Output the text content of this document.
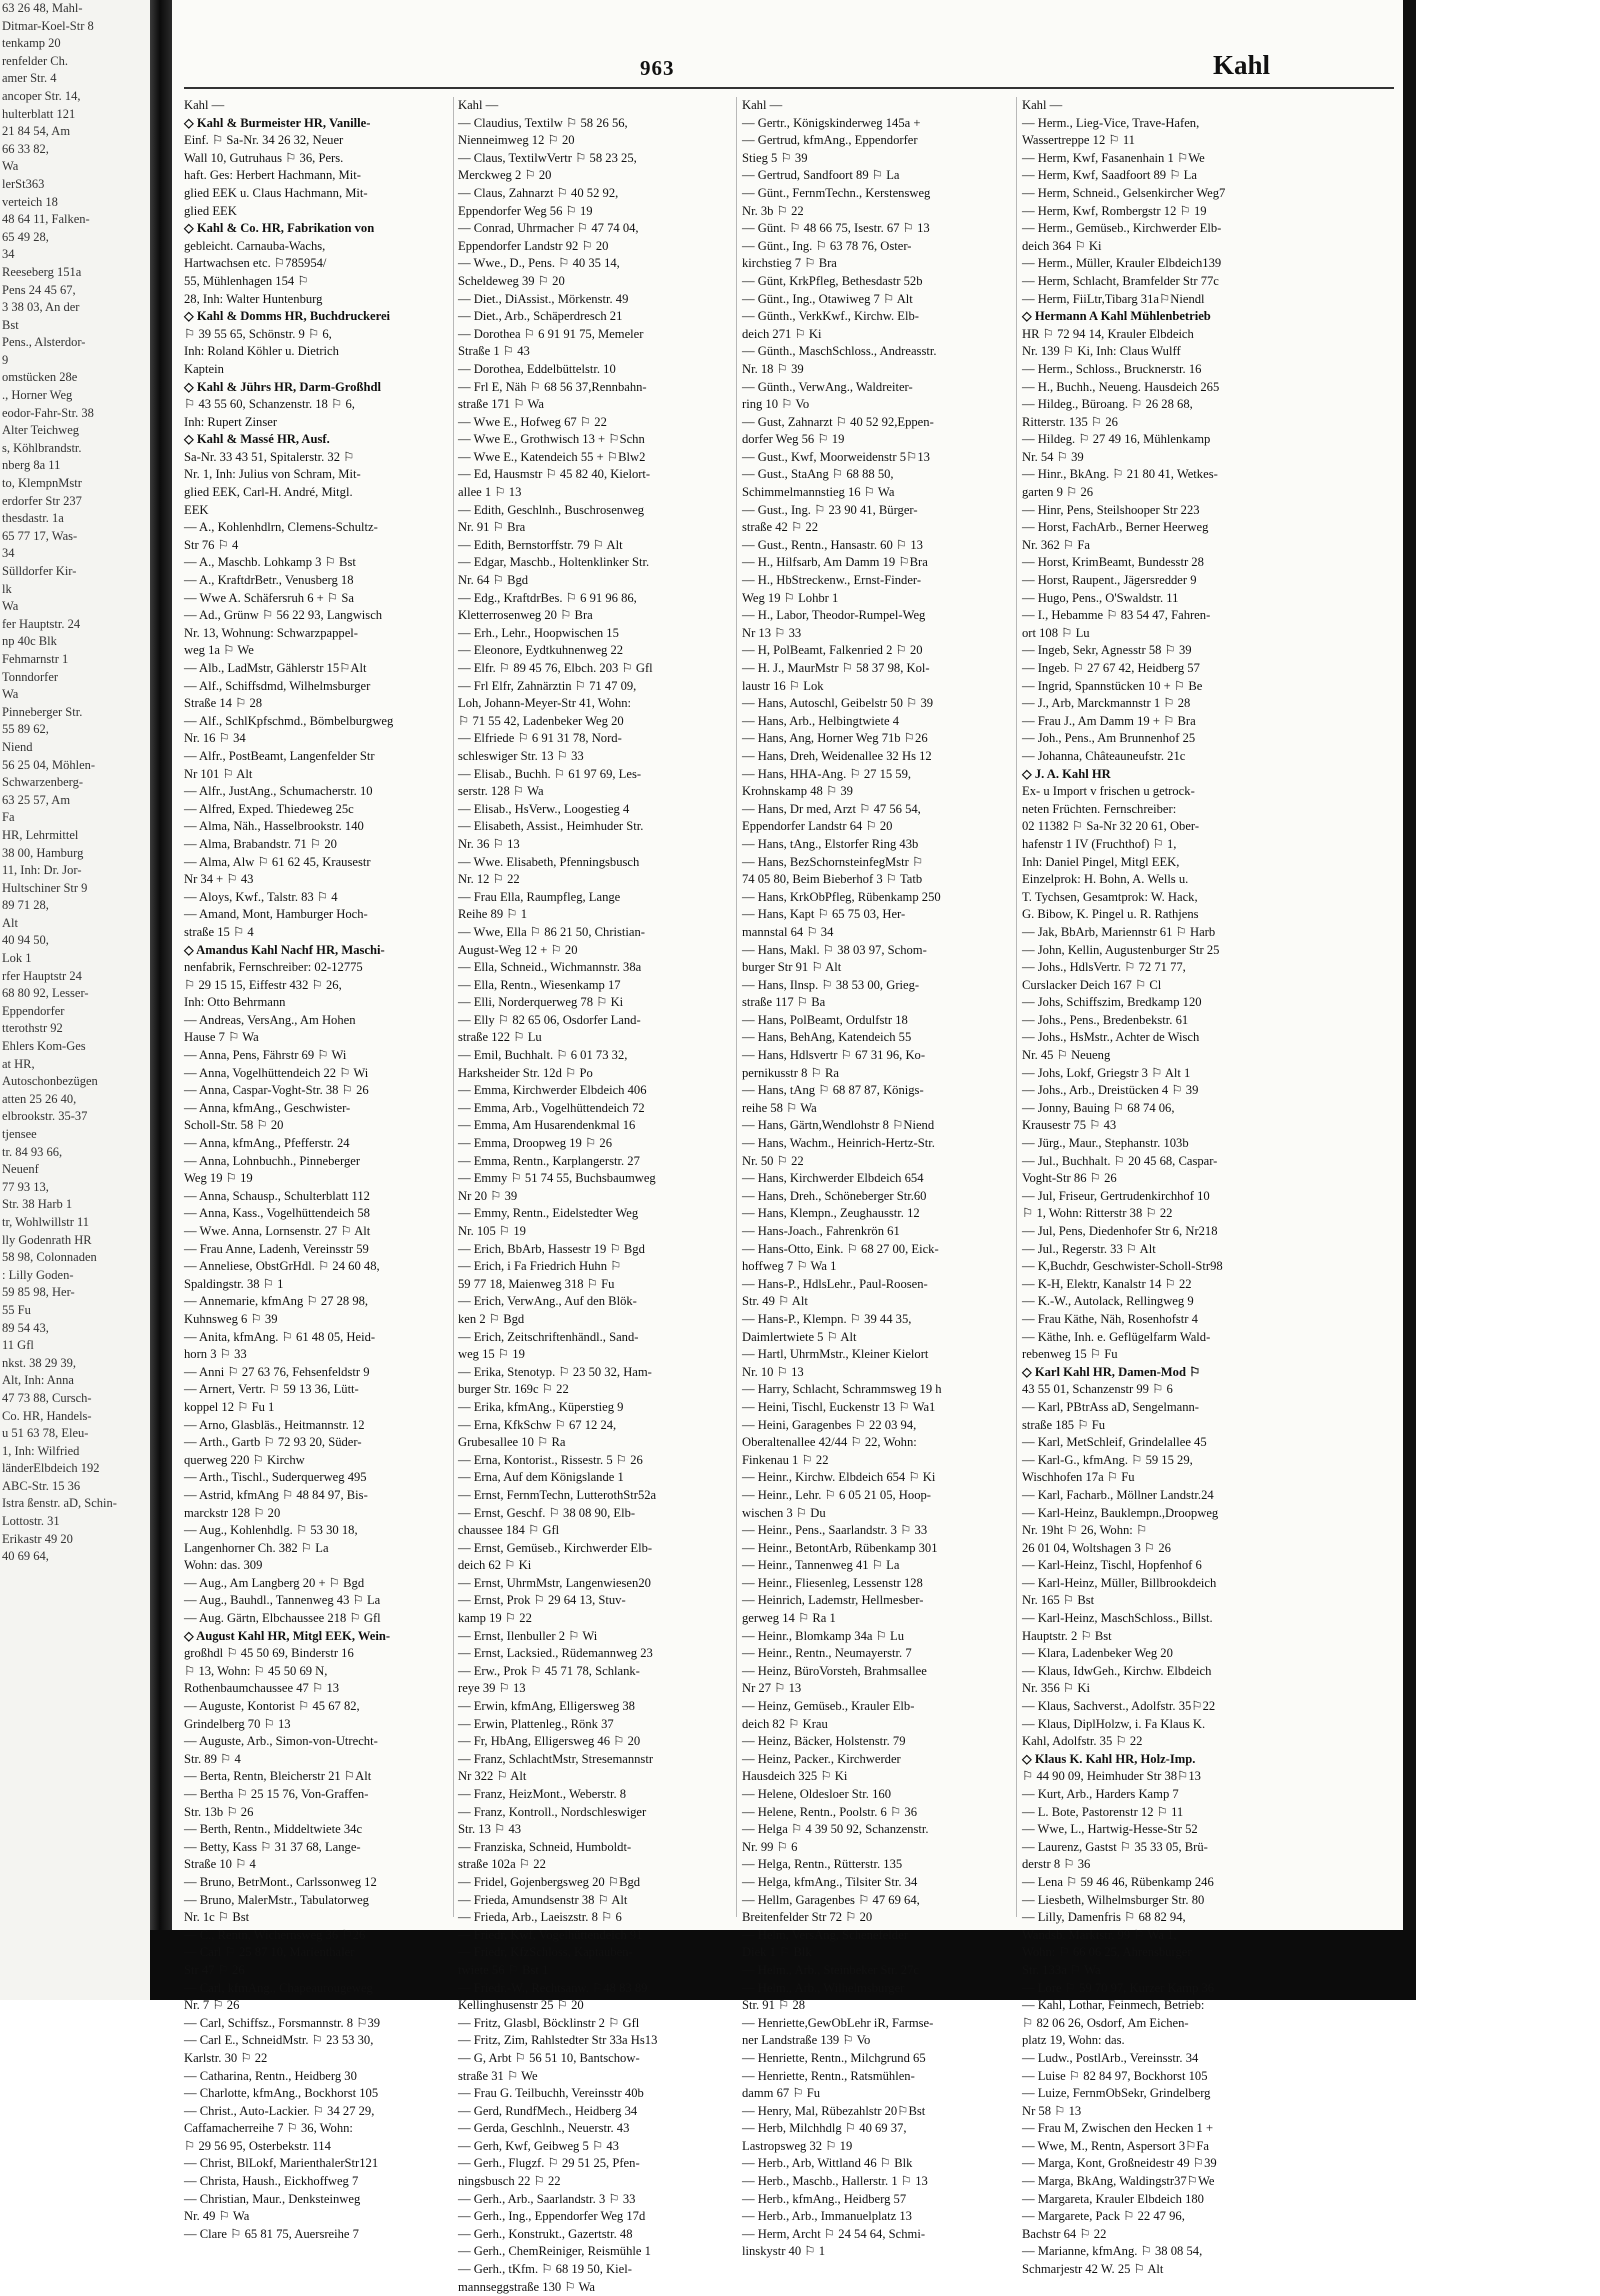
63 26 48, Mahl-
Ditmar-Koel-Str 8
tenkamp 20
renfelder Ch.
amer Str. 4
ancoper Str. 14,
hulterblatt 121
21 84 54, Am
66 33 82,
Wa
lerSt363
verteich 18
48 64 11, Falken-
65 49 28,
34
Reeseberg 151a
Pens 24 45 67,
3 38 03, An der
Bst
Pens., Alsterdor-
9
omstücken 28e
., Horner Weg
eodor-Fahr-Str. 38
Alter Teichweg
s, Köhlbrandstr.
nberg 8a 11
to, KlempnMstr
erdorfer Str 237
thesdastr. 1a
65 77 17, Was-
34
Sülldorfer Kir-
lk
Wa
fer Hauptstr. 24
np 40c Blk
Fehmarnstr 1
Tonndorfer
Wa
Pinneberger Str.
55 89 62,
Niend
56 25 04, Möhlen-
Schwarzenberg-
63 25 57, Am
Fa
HR, Lehrmittel
38 00, Hamburg
11, Inh: Dr. Jor-
Hultschiner Str 9
89 71 28,
Alt
40 94 50,
Lok 1
rfer Hauptstr 24
68 80 92, Lesser-
Eppendorfer
tterothstr 92
Ehlers Kom-Ges
at HR,
Autoschonbezügen
atten 25 26 40,
elbrookstr. 35-37
tjensee
tr. 84 93 66,
Neuenf
77 93 13,
Str. 38 Harb 1
tr, Wohlwillstr 11
lly Godenrath HR
58 98, Colonnaden
: Lilly Goden-
59 85 98, Her-
55 Fu
89 54 43,
11 Gfl
nkst. 38 29 39,
Alt, Inh: Anna
47 73 88, Cursch-
Co. HR, Handels-
u 51 63 78, Eleu-
1, Inh: Wilfried
länderElbdeich 192
ABC-Str. 15 36
Istra ßenstr. aD, Schin-
Lottostr. 31
Erikastr 49 20
40 69 64,
963	Kahl
Kahl —
◇ Kahl & Burmeister HR, Vanille-
Einf. ⚐ Sa-Nr. 34 26 32, Neuer
Wall 10, Gutruhaus ⚐ 36, Pers.
haft. Ges: Herbert Hachmann, Mit-
glied EEK u. Claus Hachmann, Mit-
glied EEK
◇ Kahl & Co. HR, Fabrikation von
gebleicht. Carnauba-Wachs,
Hartwachsen etc. ⚐785954/
55, Mühlenhagen 154 ⚐
28, Inh: Walter Huntenburg
◇ Kahl & Domms HR, Buchdruckerei
⚐ 39 55 65, Schönstr. 9 ⚐ 6,
Inh: Roland Köhler u. Dietrich
Kaptein
◇ Kahl & Jührs HR, Darm-Großhdl
⚐ 43 55 60, Schanzenstr. 18 ⚐ 6,
Inh: Rupert Zinser
◇ Kahl & Massé HR, Ausf.
Sa-Nr. 33 43 51, Spitalerstr. 32 ⚐
Nr. 1, Inh: Julius von Schram, Mit-
glied EEK, Carl-H. André, Mitgl.
EEK
— A., Kohlenhdlrn, Clemens-Schultz-
Str 76 ⚐ 4
— A., Maschb. Lohkamp 3 ⚐ Bst
— A., KraftdrBetr., Venusberg 18
— Wwe A. Schäfersruh 6 + ⚐ Sa
— Ad., Grünw ⚐ 56 22 93, Langwisch
Nr. 13, Wohnung: Schwarzpappel-
weg 1a ⚐ We
— Alb., LadMstr, Gählerstr 15⚐Alt
— Alf., Schiffsdmd, Wilhelmsburger
Straße 14 ⚐ 28
— Alf., SchlKpfschmd., Bömbelburgweg
Nr. 16 ⚐ 34
— Alfr., PostBeamt, Langenfelder Str
Nr 101 ⚐ Alt
— Alfr., JustAng., Schumacherstr. 10
— Alfred, Exped. Thiedeweg 25c
— Alma, Näh., Hasselbrookstr. 140
— Alma, Brabandstr. 71 ⚐ 20
— Alma, Alw ⚐ 61 62 45, Krausestr
Nr 34 + ⚐ 43
— Aloys, Kwf., Talstr. 83 ⚐ 4
— Amand, Mont, Hamburger Hoch-
straße 15 ⚐ 4
◇ Amandus Kahl Nachf HR, Maschi-
nenfabrik, Fernschreiber: 02-12775
⚐ 29 15 15, Eiffestr 432 ⚐ 26,
Inh: Otto Behrmann
— Andreas, VersAng., Am Hohen
Hause 7 ⚐ Wa
— Anna, Pens, Fährstr 69 ⚐ Wi
— Anna, Vogelhüttendeich 22 ⚐ Wi
— Anna, Caspar-Voght-Str. 38 ⚐ 26
— Anna, kfmAng., Geschwister-
Scholl-Str. 58 ⚐ 20
— Anna, kfmAng., Pfefferstr. 24
— Anna, Lohnbuchh., Pinneberger
Weg 19 ⚐ 19
— Anna, Schausp., Schulterblatt 112
— Anna, Kass., Vogelhüttendeich 58
— Wwe. Anna, Lornsenstr. 27 ⚐ Alt
— Frau Anne, Ladenh, Vereinsstr 59
— Anneliese, ObstGrHdl. ⚐ 24 60 48,
Spaldingstr. 38 ⚐ 1
— Annemarie, kfmAng ⚐ 27 28 98,
Kuhnsweg 6 ⚐ 39
— Anita, kfmAng. ⚐ 61 48 05, Heid-
horn 3 ⚐ 33
— Anni ⚐ 27 63 76, Fehsenfeldstr 9
— Arnert, Vertr. ⚐ 59 13 36, Lütt-
koppel 12 ⚐ Fu 1
— Arno, Glasbläs., Heitmannstr. 12
— Arth., Gartb ⚐ 72 93 20, Süder-
querweg 220 ⚐ Kirchw
— Arth., Tischl., Suderquerweg 495
— Astrid, kfmAng ⚐ 48 84 97, Bis-
marckstr 128 ⚐ 20
— Aug., Kohlenhdlg. ⚐ 53 30 18,
Langenhorner Ch. 382 ⚐ La
Wohn: das. 309
— Aug., Am Langberg 20 + ⚐ Bgd
— Aug., Bauhdl., Tannenweg 43 ⚐ La
— Aug. Gärtn, Elbchaussee 218 ⚐ Gfl
◇ August Kahl HR, Mitgl EEK, Wein-
großhdl ⚐ 45 50 69, Binderstr 16
⚐ 13, Wohn: ⚐ 45 50 69 N,
Rothenbaumchaussee 47 ⚐ 13
— Auguste, Kontorist ⚐ 45 67 82,
Grindelberg 70 ⚐ 13
— Auguste, Arb., Simon-von-Utrecht-
Str. 89 ⚐ 4
— Berta, Rentn, Bleicherstr 21 ⚐Alt
— Bertha ⚐ 25 15 76, Von-Graffen-
Str. 13b ⚐ 26
— Berth, Rentn., Middeltwiete 34c
— Betty, Kass ⚐ 31 37 68, Lange-
Straße 10 ⚐ 4
— Bruno, BetrMont., Carlssonweg 12
— Bruno, MalerMstr., Tabulatorweg
Nr. 1c ⚐ Bst
— C., Rentn, Wichernsweg 36 ⚐26
— Carl ⚐ 25 87 10, Marienthaler
Str 47 ⚐ 26
— Carl, kfmAng., Chapeaurougeweg
Nr. 7 ⚐ 26
— Carl, Schiffsz., Forsmannstr. 8 ⚐39
— Carl E., SchneidMstr. ⚐ 23 53 30,
Karlstr. 30 ⚐ 22
— Catharina, Rentn., Heidberg 30
— Charlotte, kfmAng., Bockhorst 105
— Christ., Auto-Lackier. ⚐ 34 27 29,
Caffamacherreihe 7 ⚐ 36, Wohn:
⚐ 29 56 95, Osterbekstr. 114
— Christ, BlLokf, MarienthalerStr121
— Christa, Haush., Eickhoffweg 7
— Christian, Maur., Denksteinweg
Nr. 49 ⚐ Wa
— Clare ⚐ 65 81 75, Auersreihe 7
Kahl —
— Claudius, Textilw ⚐ 58 26 56,
Nienneimweg 12 ⚐ 20
— Claus, TextilwVertr ⚐ 58 23 25,
Merckweg 2 ⚐ 20
— Claus, Zahnarzt ⚐ 40 52 92,
Eppendorfer Weg 56 ⚐ 19
— Conrad, Uhrmacher ⚐ 47 74 04,
Eppendorfer Landstr 92 ⚐ 20
— Wwe., D., Pens. ⚐ 40 35 14,
Scheldeweg 39 ⚐ 20
— Diet., DiAssist., Mörkenstr. 49
— Diet., Arb., Schäperdresch 21
— Dorothea ⚐ 6 91 91 75, Memeler
Straße 1 ⚐ 43
— Dorothea, Eddelbüttelstr. 10
— Frl E, Näh ⚐ 68 56 37,Rennbahn-
straße 171 ⚐ Wa
— Wwe E., Hofweg 67 ⚐ 22
— Wwe E., Grothwisch 13 + ⚐Schn
— Wwe E., Katendeich 55 + ⚐Blw2
— Ed, Hausmstr ⚐ 45 82 40, Kielort-
allee 1 ⚐ 13
— Edith, Geschlnh., Buschrosenweg
Nr. 91 ⚐ Bra
— Edith, Bernstorffstr. 79 ⚐ Alt
— Edgar, Maschb., Holtenklinker Str.
Nr. 64 ⚐ Bgd
— Edg., KraftdrBes. ⚐ 6 91 96 86,
Kletterrosenweg 20 ⚐ Bra
— Erh., Lehr., Hoopwischen 15
— Eleonore, Eydtkuhnenweg 22
— Elfr. ⚐ 89 45 76, Elbch. 203 ⚐ Gfl
— Frl Elfr, Zahnärztin ⚐ 71 47 09,
Loh, Johann-Meyer-Str 41, Wohn:
⚐ 71 55 42, Ladenbeker Weg 20
— Elfriede ⚐ 6 91 31 78, Nord-
schleswiger Str. 13 ⚐ 33
— Elisab., Buchh. ⚐ 61 97 69, Les-
serstr. 128 ⚐ Wa
— Elisab., HsVerw., Loogestieg 4
— Elisabeth, Assist., Heimhuder Str.
Nr. 36 ⚐ 13
— Wwe. Elisabeth, Pfenningsbusch
Nr. 12 ⚐ 22
— Frau Ella, Raumpfleg, Lange
Reihe 89 ⚐ 1
— Wwe, Ella ⚐ 86 21 50, Christian-
August-Weg 12 + ⚐ 20
— Ella, Schneid., Wichmannstr. 38a
— Ella, Rentn., Wiesenkamp 17
— Elli, Norderquerweg 78 ⚐ Ki
— Elly ⚐ 82 65 06, Osdorfer Land-
straße 122 ⚐ Lu
— Emil, Buchhalt. ⚐ 6 01 73 32,
Harksheider Str. 12d ⚐ Po
— Emma, Kirchwerder Elbdeich 406
— Emma, Arb., Vogelhüttendeich 72
— Emma, Am Husarendenkmal 16
— Emma, Droopweg 19 ⚐ 26
— Emma, Rentn., Karplangerstr. 27
— Emmy ⚐ 51 74 55, Buchsbaumweg
Nr 20 ⚐ 39
— Emmy, Rentn., Eidelstedter Weg
Nr. 105 ⚐ 19
— Erich, BbArb, Hassestr 19 ⚐ Bgd
— Erich, i Fa Friedrich Huhn ⚐
59 77 18, Maienweg 318 ⚐ Fu
— Erich, VerwAng., Auf den Blök-
ken 2 ⚐ Bgd
— Erich, Zeitschriftenhändl., Sand-
weg 15 ⚐ 19
— Erika, Stenotyp. ⚐ 23 50 32, Ham-
burger Str. 169c ⚐ 22
— Erika, kfmAng., Küperstieg 9
— Erna, KfkSchw ⚐ 67 12 24,
Grubesallee 10 ⚐ Ra
— Erna, Kontorist., Rissestr. 5 ⚐ 26
— Erna, Auf dem Königslande 1
— Ernst, FernmTechn, LutterothStr52a
— Ernst, Geschf. ⚐ 38 08 90, Elb-
chaussee 184 ⚐ Gfl
— Ernst, Gemüseb., Kirchwerder Elb-
deich 62 ⚐ Ki
— Ernst, UhrmMstr, Langenwiesen20
— Ernst, Prok ⚐ 29 64 13, Stuv-
kamp 19 ⚐ 22
— Ernst, Ilenbuller 2 ⚐ Wi
— Ernst, Lacksied., Rüdemannweg 23
— Erw., Prok ⚐ 45 71 78, Schlank-
reye 39 ⚐ 13
— Erwin, kfmAng, Elligersweg 38
— Erwin, Plattenleg., Rönk 37
— Fr, HbAng, Elligersweg 46 ⚐ 20
— Franz, SchlachtMstr, Stresemannstr
Nr 322 ⚐ Alt
— Franz, HeizMont., Weberstr. 8
— Franz, Kontroll., Nordschleswiger
Str. 13 ⚐ 43
— Franziska, Schneid, Humboldt-
straße 102a ⚐ 22
— Fridel, Gojenbergsweg 20 ⚐Bgd
— Frieda, Amundsenstr 38 ⚐ Alt
— Frieda, Arb., Laeiszstr. 8 ⚐ 6
— Friedr, Kwf, Vogelhüttendeich 91
— Friedr, KfzSchloss, Kaptauben-
twiete 56 ⚐ Bst 1
— Friedr.-W., Rechtsanw. ⚐48 83 89
Kellinghusenstr 25 ⚐ 20
— Fritz, Glasbl, Böcklinstr 2 ⚐ Gfl
— Fritz, Zim, Rahlstedter Str 33a Hs13
— G, Arbt ⚐ 56 51 10, Bantschow-
straße 31 ⚐ We
— Frau G. Teilbuchh, Vereinsstr 40b
— Gerd, RundfMech., Heidberg 34
— Gerda, Geschlnh., Neuerstr. 43
— Gerh, Kwf, Geibweg 5 ⚐ 43
— Gerh., Flugzf. ⚐ 29 51 25, Pfen-
ningsbusch 22 ⚐ 22
— Gerh., Arb., Saarlandstr. 3 ⚐ 33
— Gerh., Ing., Eppendorfer Weg 17d
— Gerh., Konstrukt., Gazertstr. 48
— Gerh., ChemReiniger, Reismühle 1
— Gerh., tKfm. ⚐ 68 19 50, Kiel-
mannseggstraße 130 ⚐ Wa
Kahl —
— Gertr., Königskinderweg 145a +
— Gertrud, kfmAng., Eppendorfer
Stieg 5 ⚐ 39
— Gertrud, Sandfoort 89 ⚐ La
— Günt., FernmTechn., Kerstensweg
Nr. 3b ⚐ 22
— Günt. ⚐ 48 66 75, Isestr. 67 ⚐ 13
— Günt., Ing. ⚐ 63 78 76, Oster-
kirchstieg 7 ⚐ Bra
— Günt, KrkPfleg, Bethesdastr 52b
— Günt., Ing., Otawiweg 7 ⚐ Alt
— Günth., VerkKwf., Kirchw. Elb-
deich 271 ⚐ Ki
— Günth., MaschSchloss., Andreasstr.
Nr. 18 ⚐ 39
— Günth., VerwAng., Waldreiter-
ring 10 ⚐ Vo
— Gust, Zahnarzt ⚐ 40 52 92,Eppen-
dorfer Weg 56 ⚐ 19
— Gust., Kwf, Moorweidenstr 5⚐13
— Gust., StaAng ⚐ 68 88 50,
Schimmelmannstieg 16 ⚐ Wa
— Gust., Ing. ⚐ 23 90 41, Bürger-
straße 42 ⚐ 22
— Gust., Rentn., Hansastr. 60 ⚐ 13
— H., Hilfsarb, Am Damm 19 ⚐Bra
— H., HbStreckenw., Ernst-Finder-
Weg 19 ⚐ Lohbr 1
— H., Labor, Theodor-Rumpel-Weg
Nr 13 ⚐ 33
— H, PolBeamt, Falkenried 2 ⚐ 20
— H. J., MaurMstr ⚐ 58 37 98, Kol-
laustr 16 ⚐ Lok
— Hans, Autoschl, Geibelstr 50 ⚐ 39
— Hans, Arb., Helbingtwiete 4
— Hans, Ang, Horner Weg 71b ⚐26
— Hans, Dreh, Weidenallee 32 Hs 12
— Hans, HHA-Ang. ⚐ 27 15 59,
Krohnskamp 48 ⚐ 39
— Hans, Dr med, Arzt ⚐ 47 56 54,
Eppendorfer Landstr 64 ⚐ 20
— Hans, tAng., Elstorfer Ring 43b
— Hans, BezSchornsteinfegMstr ⚐
74 05 80, Beim Bieberhof 3 ⚐ Tatb
— Hans, KrkObPfleg, Rübenkamp 250
— Hans, Kapt ⚐ 65 75 03, Her-
mannstal 64 ⚐ 34
— Hans, Makl. ⚐ 38 03 97, Schom-
burger Str 91 ⚐ Alt
— Hans, Ilnsp. ⚐ 38 53 00, Grieg-
straße 117 ⚐ Ba
— Hans, PolBeamt, Ordulfstr 18
— Hans, BehAng, Katendeich 55
— Hans, Hdlsvertr ⚐ 67 31 96, Ko-
pernikusstr 8 ⚐ Ra
— Hans, tAng ⚐ 68 87 87, Königs-
reihe 58 ⚐ Wa
— Hans, Gärtn,Wendlohstr 8 ⚐Niend
— Hans, Wachm., Heinrich-Hertz-Str.
Nr. 50 ⚐ 22
— Hans, Kirchwerder Elbdeich 654
— Hans, Dreh., Schöneberger Str.60
— Hans, Klempn., Zeughausstr. 12
— Hans-Joach., Fahrenkrön 61
— Hans-Otto, Eink. ⚐ 68 27 00, Eick-
hoffweg 7 ⚐ Wa 1
— Hans-P., HdlsLehr., Paul-Roosen-
Str. 49 ⚐ Alt
— Hans-P., Klempn. ⚐ 39 44 35,
Daimlertwiete 5 ⚐ Alt
— Hartl, UhrmMstr., Kleiner Kielort
Nr. 10 ⚐ 13
— Harry, Schlacht, Schrammsweg 19 h
— Heini, Tischl, Euckenstr 13 ⚐ Wa1
— Heini, Garagenbes ⚐ 22 03 94,
Oberaltenallee 42/44 ⚐ 22, Wohn:
Finkenau 1 ⚐ 22
— Heinr., Kirchw. Elbdeich 654 ⚐ Ki
— Heinr., Lehr. ⚐ 6 05 21 05, Hoop-
wischen 3 ⚐ Du
— Heinr., Pens., Saarlandstr. 3 ⚐ 33
— Heinr., BetontArb, Rübenkamp 301
— Heinr., Tannenweg 41 ⚐ La
— Heinr., Fliesenleg, Lessenstr 128
— Heinrich, Lademstr, Hellmesber-
gerweg 14 ⚐ Ra 1
— Heinr., Blomkamp 34a ⚐ Lu
— Heinr., Rentn., Neumayerstr. 7
— Heinz, BüroVorsteh, Brahmsallee
Nr 27 ⚐ 13
— Heinz, Gemüseb., Krauler Elb-
deich 82 ⚐ Krau
— Heinz, Bäcker, Holstenstr. 79
— Heinz, Packer., Kirchwerder
Hausdeich 325 ⚐ Ki
— Helene, Oldesloer Str. 160
— Helene, Rentn., Poolstr. 6 ⚐ 36
— Helga ⚐ 4 39 50 92, Schanzenstr.
Nr. 99 ⚐ 6
— Helga, Rentn., Rütterstr. 135
— Helga, kfmAng., Tilsiter Str. 34
— Hellm, Garagenbes ⚐ 47 69 64,
Breitenfelder Str 72 ⚐ 20
— Helm, VersAng, Schenefelder
Diek 1 ⚐ Blk
— Helm., Arb., Steinbeker Str. 27c
— Helm., Arb., Wilhelmsburger
Str. 91 ⚐ 28
— Henriette,GewObLehr iR, Farmse-
ner Landstraße 139 ⚐ Vo
— Henriette, Rentn., Milchgrund 65
— Henriette, Rentn., Ratsmühlen-
damm 67 ⚐ Fu
— Henry, Mal, Rübezahlstr 20⚐Bst
— Herb, Milchhdlg ⚐ 40 69 37,
Lastropsweg 32 ⚐ 19
— Herb., Arb, Wittland 46 ⚐ Blk
— Herb., Maschb., Hallerstr. 1 ⚐ 13
— Herb., kfmAng., Heidberg 57
— Herb., Arb., Immanuelplatz 13
— Herm, Archt ⚐ 24 54 64, Schmi-
linskystr 40 ⚐ 1
Kahl —
— Herm., Lieg-Vice, Trave-Hafen,
Wassertreppe 12 ⚐ 11
— Herm, Kwf, Fasanenhain 1 ⚐We
— Herm, Kwf, Saadfoort 89 ⚐ La
— Herm, Schneid., Gelsenkircher Weg7
— Herm, Kwf, Rombergstr 12 ⚐ 19
— Herm., Gemüseb., Kirchwerder Elb-
deich 364 ⚐ Ki
— Herm., Müller, Krauler Elbdeich139
— Herm, Schlacht, Bramfelder Str 77c
— Herm, FiiLtr,Tibarg 31a⚐Niendl
◇ Hermann A Kahl Mühlenbetrieb
HR ⚐ 72 94 14, Krauler Elbdeich
Nr. 139 ⚐ Ki, Inh: Claus Wulff
— Herm., Schloss., Brucknerstr. 16
— H., Buchh., Neueng. Hausdeich 265
— Hildeg., Büroang. ⚐ 26 28 68,
Ritterstr. 135 ⚐ 26
— Hildeg. ⚐ 27 49 16, Mühlenkamp
Nr. 54 ⚐ 39
— Hinr., BkAng. ⚐ 21 80 41, Wetkes-
garten 9 ⚐ 26
— Hinr, Pens, Steilshooper Str 223
— Horst, FachArb., Berner Heerweg
Nr. 362 ⚐ Fa
— Horst, KrimBeamt, Bundesstr 28
— Horst, Raupent., Jägersredder 9
— Hugo, Pens., O'Swaldstr. 11
— I., Hebamme ⚐ 83 54 47, Fahren-
ort 108 ⚐ Lu
— Ingeb, Sekr, Agnesstr 58 ⚐ 39
— Ingeb. ⚐ 27 67 42, Heidberg 57
— Ingrid, Spannstücken 10 + ⚐ Be
— J., Arb, Marckmannstr 1 ⚐ 28
— Frau J., Am Damm 19 + ⚐ Bra
— Joh., Pens., Am Brunnenhof 25
— Johanna, Châteauneufstr. 21c
◇ J. A. Kahl HR
Ex- u Import v frischen u getrock-
neten Früchten. Fernschreiber:
02 11382 ⚐ Sa-Nr 32 20 61, Ober-
hafenstr 1 IV (Fruchthof) ⚐ 1,
Inh: Daniel Pingel, Mitgl EEK,
Einzelprok: H. Bohn, A. Wells u.
T. Tychsen, Gesamtprok: W. Hack,
G. Bibow, K. Pingel u. R. Rathjens
— Jak, BbArb, Mariennstr 61 ⚐ Harb
— John, Kellin, Augustenburger Str 25
— Johs., HdlsVertr. ⚐ 72 71 77,
Curslacker Deich 167 ⚐ Cl
— Johs, Schiffszim, Bredkamp 120
— Johs., Pens., Bredenbekstr. 61
— Johs., HsMstr., Achter de Wisch
Nr. 45 ⚐ Neueng
— Johs, Lokf, Griegstr 3 ⚐ Alt 1
— Johs., Arb., Dreistücken 4 ⚐ 39
— Jonny, Bauing ⚐ 68 74 06,
Krausestr 75 ⚐ 43
— Jürg., Maur., Stephanstr. 103b
— Jul., Buchhalt. ⚐ 20 45 68, Caspar-
Voght-Str 86 ⚐ 26
— Jul, Friseur, Gertrudenkirchhof 10
⚐ 1, Wohn: Ritterstr 38 ⚐ 22
— Jul, Pens, Diedenhofer Str 6, Nr218
— Jul., Regerstr. 33 ⚐ Alt
— K,Buchdr, Geschwister-Scholl-Str98
— K-H, Elektr, Kanalstr 14 ⚐ 22
— K.-W., Autolack, Rellingweg 9
— Frau Käthe, Näh, Rosenhofstr 4
— Käthe, Inh. e. Geflügelfarm Wald-
rebenweg 15 ⚐ Fu
◇ Karl Kahl HR, Damen-Mod ⚐
43 55 01, Schanzenstr 99 ⚐ 6
— Karl, PBtrAss aD, Sengelmann-
straße 185 ⚐ Fu
— Karl, MetSchleif, Grindelallee 45
— Karl-G., kfmAng. ⚐ 59 15 29,
Wischhofen 17a ⚐ Fu
— Karl, Facharb., Möllner Landstr.24
— Karl-Heinz, Bauklempn.,Droopweg
Nr. 19ht ⚐ 26, Wohn: ⚐
26 01 04, Woltshagen 3 ⚐ 26
— Karl-Heinz, Tischl, Hopfenhof 6
— Karl-Heinz, Müller, Billbrookdeich
Nr. 165 ⚐ Bst
— Karl-Heinz, MaschSchloss., Billst.
Hauptstr. 2 ⚐ Bst
— Klara, Ladenbeker Weg 20
— Klaus, IdwGeh., Kirchw. Elbdeich
Nr. 356 ⚐ Ki
— Klaus, Sachverst., Adolfstr. 35⚐22
— Klaus, DiplHolzw, i. Fa Klaus K.
Kahl, Adolfstr. 35 ⚐ 22
◇ Klaus K. Kahl HR, Holz-Imp.
⚐ 44 90 09, Heimhuder Str 38⚐13
— Kurt, Arb., Harders Kamp 7
— L. Bote, Pastorenstr 12 ⚐ 11
— Wwe, L., Hartwig-Hesse-Str 52
— Laurenz, Gastst ⚐ 35 33 05, Brü-
derstr 8 ⚐ 36
— Lena ⚐ 59 46 46, Rübenkamp 246
— Liesbeth, Wilhelmsburger Str. 80
— Lilly, Damenfris ⚐ 68 82 94,
Wandsb. Marktstr. 99 ⚐ Wa 1,
Wohn: ⚐ 66 06 25, Ahrensburger
Str. 133a ⚐ Wa
— Lore ⚐ 59 70 97, Kurzer Kamp 36
— Kahl, Lothar, Feinmech, Betrieb:
⚐ 82 06 26, Osdorf, Am Eichen-
platz 19, Wohn: das.
— Ludw., PostlArb., Vereinsstr. 34
— Luise ⚐ 82 84 97, Bockhorst 105
— Luize, FernmObSekr, Grindelberg
Nr 58 ⚐ 13
— Frau M, Zwischen den Hecken 1 +
— Wwe, M., Rentn, Aspersort 3⚐Fa
— Marga, Kont, Großneidestr 49 ⚐39
— Marga, BkAng, Waldingstr37⚐We
— Margareta, Krauler Elbdeich 180
— Margarete, Pack ⚐ 22 47 96,
Bachstr 64 ⚐ 22
— Marianne, kfmAng. ⚐ 38 08 54,
Schmarjestr 42 W. 25 ⚐ Alt
